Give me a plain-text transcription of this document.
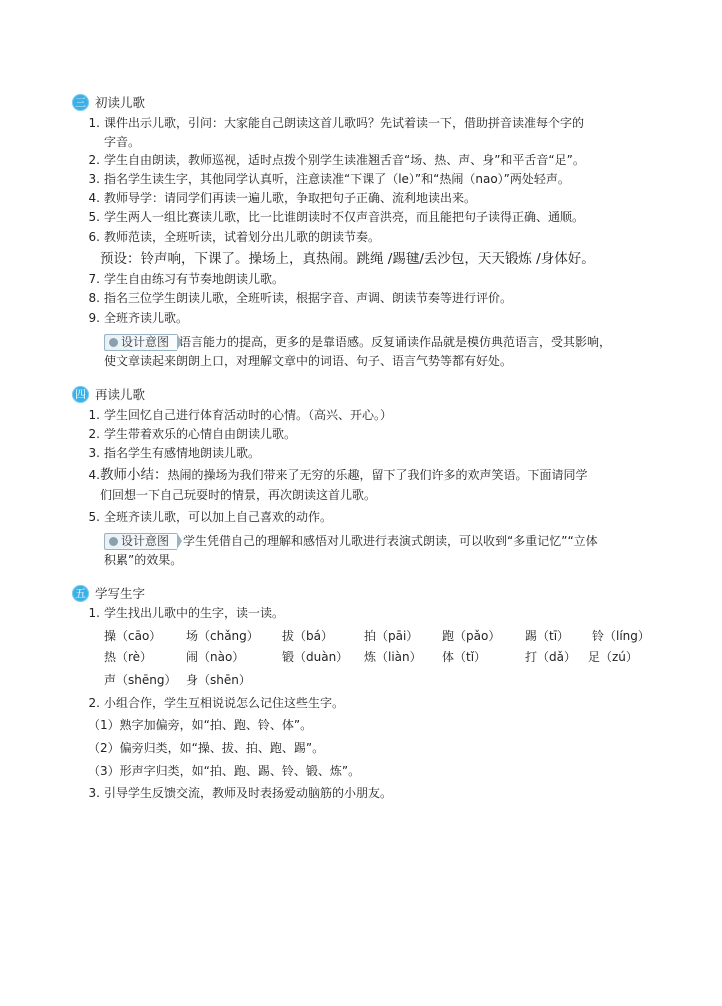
三 初读儿歌
1. 课件出示儿歌，引问：大家能自己朗读这首儿歌吗？先试着读一下，借助拼音读准每个字的
字音。
2. 学生自由朗读，教师巡视，适时点拨个别学生读准翘舌音“场、热、声、身”和平舌音“足”。
3. 指名学生读生字，其他同学认真听，注意读准“下课了（le）”和“热闹（nao）”两处轻声。
4. 教师导学：请同学们再读一遍儿歌，争取把句子正确、流利地读出来。
5. 学生两人一组比赛读儿歌，比一比谁朗读时不仅声音洪亮，而且能把句子读得正确、通顺。
6. 教师范读，全班听读，试着划分出儿歌的朗读节奏。
预设：铃声响，下课了。操场上，真热闹。跳绳 /踢毽/丢沙包，天天锻炼 /身体好。
7. 学生自由练习有节奏地朗读儿歌。
8. 指名三位学生朗读儿歌，全班听读，根据字音、声调、朗读节奏等进行评价。
9. 全班齐读儿歌。
设计意图 语言能力的提高，更多的是靠语感。反复诵读作品就是模仿典范语言，受其影响，
使文章读起来朗朗上口，对理解文章中的词语、句子、语言气势等都有好处。
四 再读儿歌
1. 学生回忆自己进行体育活动时的心情。（高兴、开心。）
2. 学生带着欢乐的心情自由朗读儿歌。
3. 指名学生有感情地朗读儿歌。
4. 教师小结：热闹的操场为我们带来了无穷的乐趣，留下了我们许多的欢声笑语。下面请同学
们回想一下自己玩耍时的情景，再次朗读这首儿歌。
5. 全班齐读儿歌，可以加上自己喜欢的动作。
设计意图 学生凭借自己的理解和感悟对儿歌进行表演式朗读，可以收到“多重记忆”“立体
积累”的效果。
五 学写生字
1. 学生找出儿歌中的生字，读一读。
操（cāo） 场（chǎng） 拔（bá）	拍（pāi） 跑（pǎo） 踢（tī） 铃（líng）
热（rè）	闹（nào）	锻（duàn） 炼（liàn） 体（tǐ）	打（dǎ） 足（zú）
声（shēng） 身（shēn）
2. 小组合作，学生互相说说怎么记住这些生字。
（1）熟字加偏旁，如“拍、跑、铃、体”。
（2）偏旁归类，如“操、拔、拍、跑、踢”。
（3）形声字归类，如“拍、跑、踢、铃、锻、炼”。
3. 引导学生反馈交流，教师及时表扬爱动脑筋的小朋友。
